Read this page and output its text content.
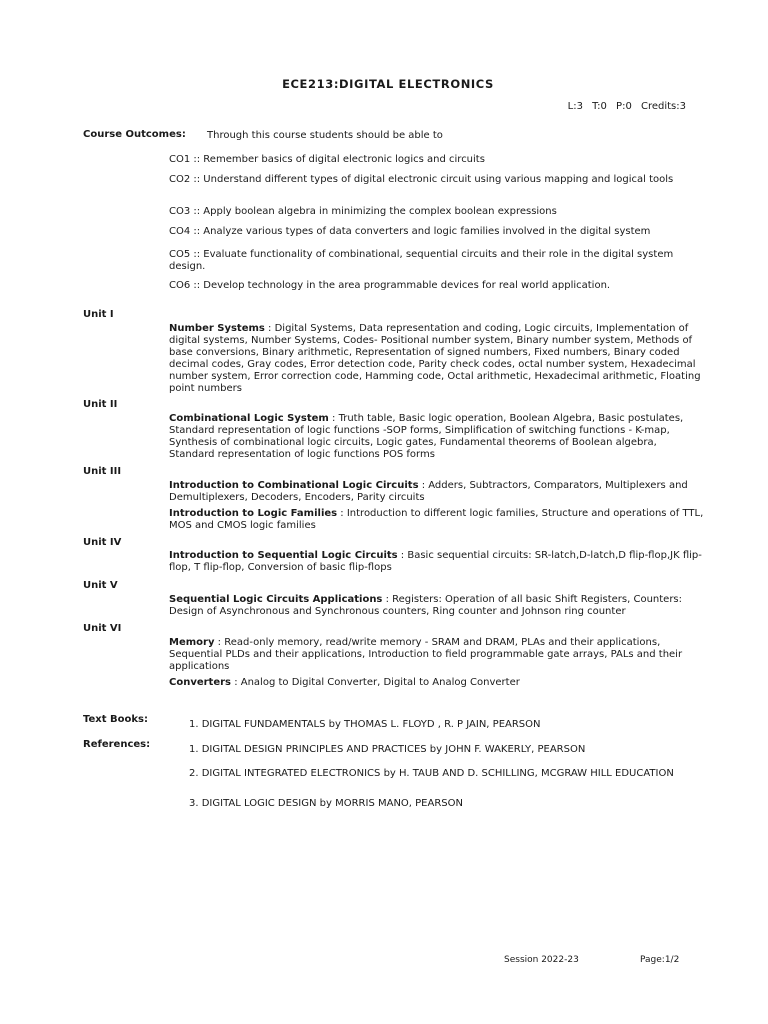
ECE213:DIGITAL ELECTRONICS
L:3 T:0 P:0 Credits:3
Course Outcomes: Through this course students should be able to
CO1 :: Remember basics of digital electronic logics and circuits
CO2 :: Understand different types of digital electronic circuit using various mapping and logical tools
CO3 :: Apply boolean algebra in minimizing the complex boolean expressions
CO4 :: Analyze various types of data converters and logic families involved in the digital system
CO5 :: Evaluate functionality of combinational, sequential circuits and their role in the digital system design.
CO6 :: Develop technology in the area programmable devices for real world application.
Unit I
Number Systems : Digital Systems, Data representation and coding, Logic circuits, Implementation of digital systems, Number Systems, Codes- Positional number system, Binary number system, Methods of base conversions, Binary arithmetic, Representation of signed numbers, Fixed numbers, Binary coded decimal codes, Gray codes, Error detection code, Parity check codes, octal number system, Hexadecimal number system, Error correction code, Hamming code, Octal arithmetic, Hexadecimal arithmetic, Floating point numbers
Unit II
Combinational Logic System : Truth table, Basic logic operation, Boolean Algebra, Basic postulates, Standard representation of logic functions -SOP forms, Simplification of switching functions - K-map, Synthesis of combinational logic circuits, Logic gates, Fundamental theorems of Boolean algebra, Standard representation of logic functions POS forms
Unit III
Introduction to Combinational Logic Circuits : Adders, Subtractors, Comparators, Multiplexers and Demultiplexers, Decoders, Encoders, Parity circuits
Introduction to Logic Families : Introduction to different logic families, Structure and operations of TTL, MOS and CMOS logic families
Unit IV
Introduction to Sequential Logic Circuits : Basic sequential circuits: SR-latch,D-latch,D flip-flop,JK flip- flop, T flip-flop, Conversion of basic flip-flops
Unit V
Sequential Logic Circuits Applications : Registers: Operation of all basic Shift Registers, Counters: Design of Asynchronous and Synchronous counters, Ring counter and Johnson ring counter
Unit VI
Memory : Read-only memory, read/write memory - SRAM and DRAM, PLAs and their applications, Sequential PLDs and their applications, Introduction to field programmable gate arrays, PALs and their applications
Converters : Analog to Digital Converter, Digital to Analog Converter
Text Books:	1. DIGITAL FUNDAMENTALS by THOMAS L. FLOYD , R. P JAIN, PEARSON
References:	1. DIGITAL DESIGN PRINCIPLES AND PRACTICES by JOHN F. WAKERLY, PEARSON
2. DIGITAL INTEGRATED ELECTRONICS by H. TAUB AND D. SCHILLING, MCGRAW HILL EDUCATION
3. DIGITAL LOGIC DESIGN by MORRIS MANO, PEARSON
Session 2022-23	Page:1/2
